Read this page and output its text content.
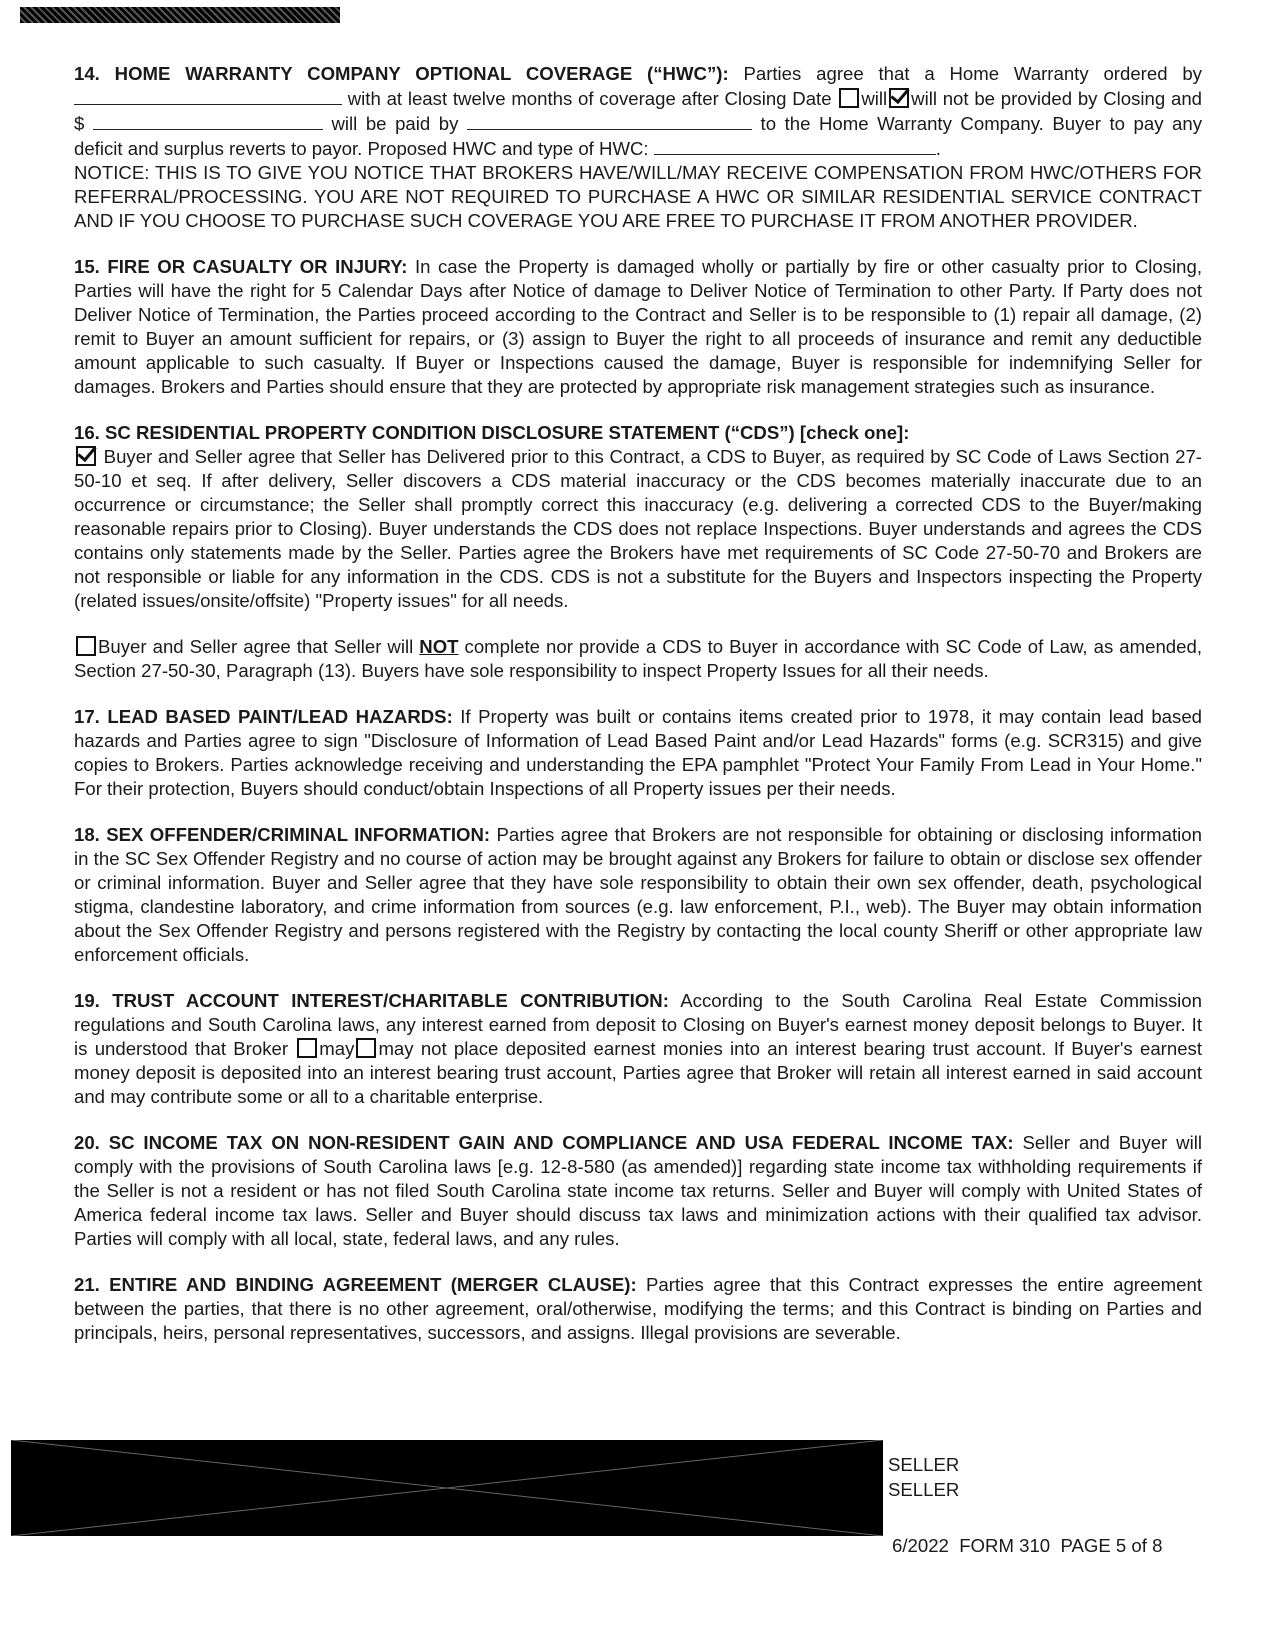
14. HOME WARRANTY COMPANY OPTIONAL COVERAGE (“HWC”): Parties agree that a Home Warranty ordered by  with at least twelve months of coverage after Closing Date will will not be provided by Closing and $	will be paid by	to the Home Warranty Company. Buyer to pay any deficit and surplus reverts to payor. Proposed HWC and type of HWC:	.
NOTICE: THIS IS TO GIVE YOU NOTICE THAT BROKERS HAVE/WILL/MAY RECEIVE COMPENSATION FROM HWC/OTHERS FOR REFERRAL/PROCESSING. YOU ARE NOT REQUIRED TO PURCHASE A HWC OR SIMILAR RESIDENTIAL SERVICE CONTRACT AND IF YOU CHOOSE TO PURCHASE SUCH COVERAGE YOU ARE FREE TO PURCHASE IT FROM ANOTHER PROVIDER.
15. FIRE OR CASUALTY OR INJURY: In case the Property is damaged wholly or partially by fire or other casualty prior to Closing, Parties will have the right for 5 Calendar Days after Notice of damage to Deliver Notice of Termination to other Party. If Party does not Deliver Notice of Termination, the Parties proceed according to the Contract and Seller is to be responsible to (1) repair all damage, (2) remit to Buyer an amount sufficient for repairs, or (3) assign to Buyer the right to all proceeds of insurance and remit any deductible amount applicable to such casualty. If Buyer or Inspections caused the damage, Buyer is responsible for indemnifying Seller for damages. Brokers and Parties should ensure that they are protected by appropriate risk management strategies such as insurance.
16. SC RESIDENTIAL PROPERTY CONDITION DISCLOSURE STATEMENT (“CDS”) [check one]:
Buyer and Seller agree that Seller has Delivered prior to this Contract, a CDS to Buyer, as required by SC Code of Laws Section 27-50-10 et seq. If after delivery, Seller discovers a CDS material inaccuracy or the CDS becomes materially inaccurate due to an occurrence or circumstance; the Seller shall promptly correct this inaccuracy (e.g. delivering a corrected CDS to the Buyer/making reasonable repairs prior to Closing). Buyer understands the CDS does not replace Inspections. Buyer understands and agrees the CDS contains only statements made by the Seller. Parties agree the Brokers have met requirements of SC Code 27-50-70 and Brokers are not responsible or liable for any information in the CDS. CDS is not a substitute for the Buyers and Inspectors inspecting the Property (related issues/onsite/offsite) "Property issues" for all needs.
Buyer and Seller agree that Seller will NOT complete nor provide a CDS to Buyer in accordance with SC Code of Law, as amended, Section 27-50-30, Paragraph (13). Buyers have sole responsibility to inspect Property Issues for all their needs.
17. LEAD BASED PAINT/LEAD HAZARDS: If Property was built or contains items created prior to 1978, it may contain lead based hazards and Parties agree to sign "Disclosure of Information of Lead Based Paint and/or Lead Hazards" forms (e.g. SCR315) and give copies to Brokers. Parties acknowledge receiving and understanding the EPA pamphlet "Protect Your Family From Lead in Your Home." For their protection, Buyers should conduct/obtain Inspections of all Property issues per their needs.
18. SEX OFFENDER/CRIMINAL INFORMATION: Parties agree that Brokers are not responsible for obtaining or disclosing information in the SC Sex Offender Registry and no course of action may be brought against any Brokers for failure to obtain or disclose sex offender or criminal information. Buyer and Seller agree that they have sole responsibility to obtain their own sex offender, death, psychological stigma, clandestine laboratory, and crime information from sources (e.g. law enforcement, P.I., web). The Buyer may obtain information about the Sex Offender Registry and persons registered with the Registry by contacting the local county Sheriff or other appropriate law enforcement officials.
19. TRUST ACCOUNT INTEREST/CHARITABLE CONTRIBUTION: According to the South Carolina Real Estate Commission regulations and South Carolina laws, any interest earned from deposit to Closing on Buyer's earnest money deposit belongs to Buyer. It is understood that Broker may may not place deposited earnest monies into an interest bearing trust account. If Buyer's earnest money deposit is deposited into an interest bearing trust account, Parties agree that Broker will retain all interest earned in said account and may contribute some or all to a charitable enterprise.
20. SC INCOME TAX ON NON-RESIDENT GAIN AND COMPLIANCE AND USA FEDERAL INCOME TAX: Seller and Buyer will comply with the provisions of South Carolina laws [e.g. 12-8-580 (as amended)] regarding state income tax withholding requirements if the Seller is not a resident or has not filed South Carolina state income tax returns. Seller and Buyer will comply with United States of America federal income tax laws. Seller and Buyer should discuss tax laws and minimization actions with their qualified tax advisor. Parties will comply with all local, state, federal laws, and any rules.
21. ENTIRE AND BINDING AGREEMENT (MERGER CLAUSE): Parties agree that this Contract expresses the entire agreement between the parties, that there is no other agreement, oral/otherwise, modifying the terms; and this Contract is binding on Parties and principals, heirs, personal representatives, successors, and assigns. Illegal provisions are severable.
SELLER
SELLER
6/2022  FORM 310  PAGE 5 of 8
